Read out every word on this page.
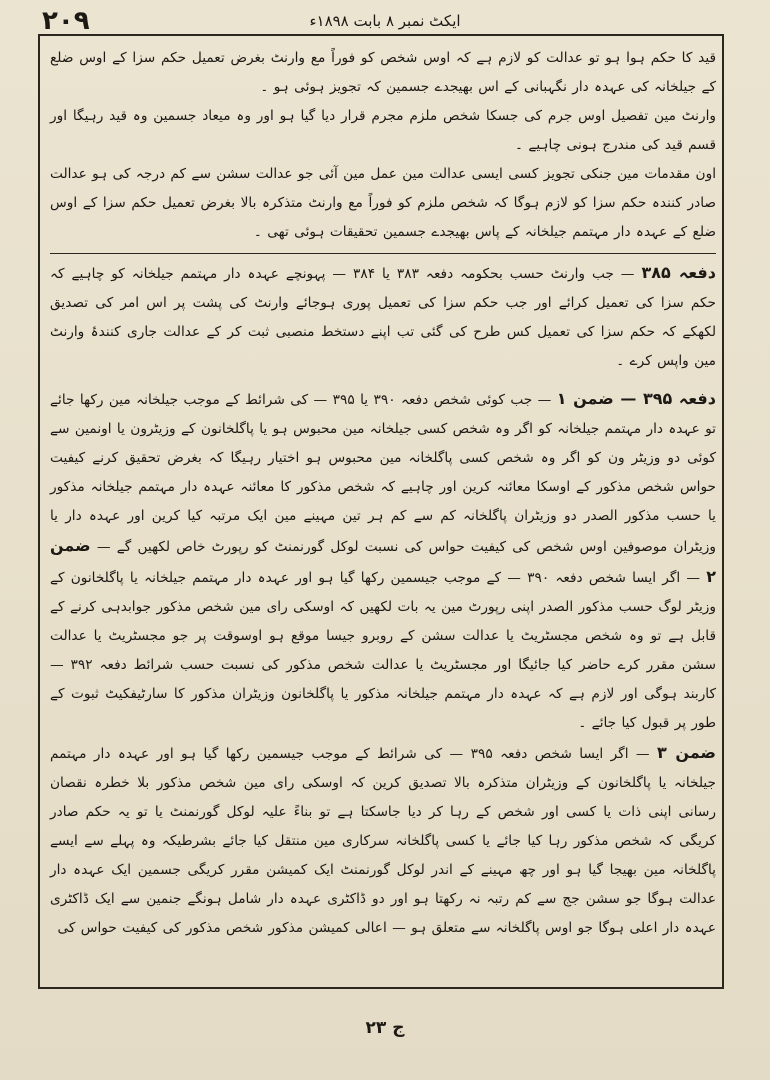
۲۰۹	ایکٹ نمبر ۸ بابت ۱۸۹۸ء

قید کا حکم ہوا ہو تو عدالت کو لازم ہے کہ اوس شخص کو فوراً مع وارنٹ بغرض تعمیل حکم سزا کے اوس ضلع کے جیلخانہ کی عہدہ دار نگہبانی کے اس بھیجدے جسمین کہ تجویز ہوئی ہو ۔

وارنٹ مین تفصیل اوس جرم کی جسکا شخص ملزم مجرم قرار دیا گیا ہو اور وہ میعاد جسمین وہ قید رہیگا اور قسم قید کی مندرج ہونی چاہیے ۔

اون مقدمات مین جنکی تجویز کسی ایسی عدالت مین عمل مین آئی جو عدالت سشن سے کم درجہ کی ہو عدالت صادر کنندہ حکم سزا کو لازم ہوگا کہ شخص ملزم کو فوراً مع وارنٹ متذکرہ بالا بغرض تعمیل حکم سزا کے اوس ضلع کے عہدہ دار مہتمم جیلخانہ کے پاس بھیجدے جسمین تحقیقات ہوئی تھی ۔

دفعہ ۳۸۵ — جب وارنٹ حسب بحکومہ دفعہ ۳۸۳ یا ۳۸۴ — پہونچے عہدہ دار مہتمم جیلخانہ کو چاہیے کہ حکم سزا کی تعمیل کرائے اور جب حکم سزا کی تعمیل پوری ہوجائے وارنٹ کی پشت پر اس امر کی تصدیق لکھکے کہ حکم سزا کی تعمیل کس طرح کی گئی تب اپنے دستخط منصبی ثبت کر کے عدالت جاری کنندۂ وارنٹ مین واپس کرے ۔

دفعہ ۳۹۵ — ضمن ۱ — جب کوئی شخص دفعہ ۳۹۰ یا ۳۹۵ — کی شرائط کے موجب جیلخانہ مین رکھا جائے تو عہدہ دار مہتمم جیلخانہ کو اگر وہ شخص کسی جیلخانہ مین محبوس ہو یا پاگلخانون کے وزیٹرون یا اونمین سے کوئی دو وزیٹر ون کو اگر وہ شخص کسی پاگلخانہ مین محبوس ہو اختیار رہیگا کہ بغرض تحقیق کرنے کیفیت حواس شخص مذکور کے اوسکا معائنہ کرین اور چاہیے کہ شخص مذکور کا معائنہ عہدہ دار مہتمم جیلخانہ مذکور یا حسب مذکور الصدر دو وزیٹران پاگلخانہ کم سے کم ہر تین مہینے مین ایک مرتبہ کیا کرین اور عہدہ دار یا وزیٹران موصوفین اوس شخص کی کیفیت حواس کی نسبت لوکل گورنمنٹ کو رپورٹ خاص لکھیں گے — ضمن ۲ — اگر ایسا شخص دفعہ ۳۹۰ — کے موجب جیسمین رکھا گیا ہو اور عہدہ دار مہتمم جیلخانہ یا پاگلخانون کے وزیٹر لوگ حسب مذکور الصدر اپنی رپورٹ مین یہ بات لکھیں کہ اوسکی رای مین شخص مذکور جوابدہی کرنے کے قابل ہے تو وہ شخص مجسٹریٹ یا عدالت سشن کے روبرو جیسا موقع ہو اوسوقت پر جو مجسٹریٹ یا عدالت سشن مقرر کرے حاضر کیا جائیگا اور مجسٹریٹ یا عدالت شخص مذکور کی نسبت حسب شرائط دفعہ ۳۹۲ — کاربند ہوگی اور لازم ہے کہ عہدہ دار مہتمم جیلخانہ مذکور یا پاگلخانون وزیٹران مذکور کا سارٹیفکیٹ ثبوت کے طور پر قبول کیا جائے ۔

ضمن ۳ — اگر ایسا شخص دفعہ ۳۹۵ — کی شرائط کے موجب جیسمین رکھا گیا ہو اور عہدہ دار مہتمم جیلخانہ یا پاگلخانون کے وزیٹران متذکرہ بالا تصدیق کرین کہ اوسکی رای مین شخص مذکور بلا خطرہ نقصان رسانی اپنی ذات یا کسی اور شخص کے رہا کر دیا جاسکتا ہے تو بناءً علیہ لوکل گورنمنٹ یا تو یہ حکم صادر کریگی کہ شخص مذکور رہا کیا جائے یا کسی پاگلخانہ سرکاری مین منتقل کیا جائے بشرطیکہ وہ پہلے سے ایسے پاگلخانہ مین بھیجا گیا ہو اور چھ مہینے کے اندر لوکل گورنمنٹ ایک کمیشن مقرر کریگی جسمین ایک عہدہ دار عدالت ہوگا جو سشن جج سے کم رتبہ نہ رکھتا ہو اور دو ڈاکٹری عہدہ دار شامل ہونگے جنمین سے ایک ڈاکٹری عہدہ دار اعلی ہوگا جو اوس پاگلخانہ سے متعلق ہو — اعالی کمیشن مذکور شخص مذکور کی کیفیت حواس کی

۲۳ ج
